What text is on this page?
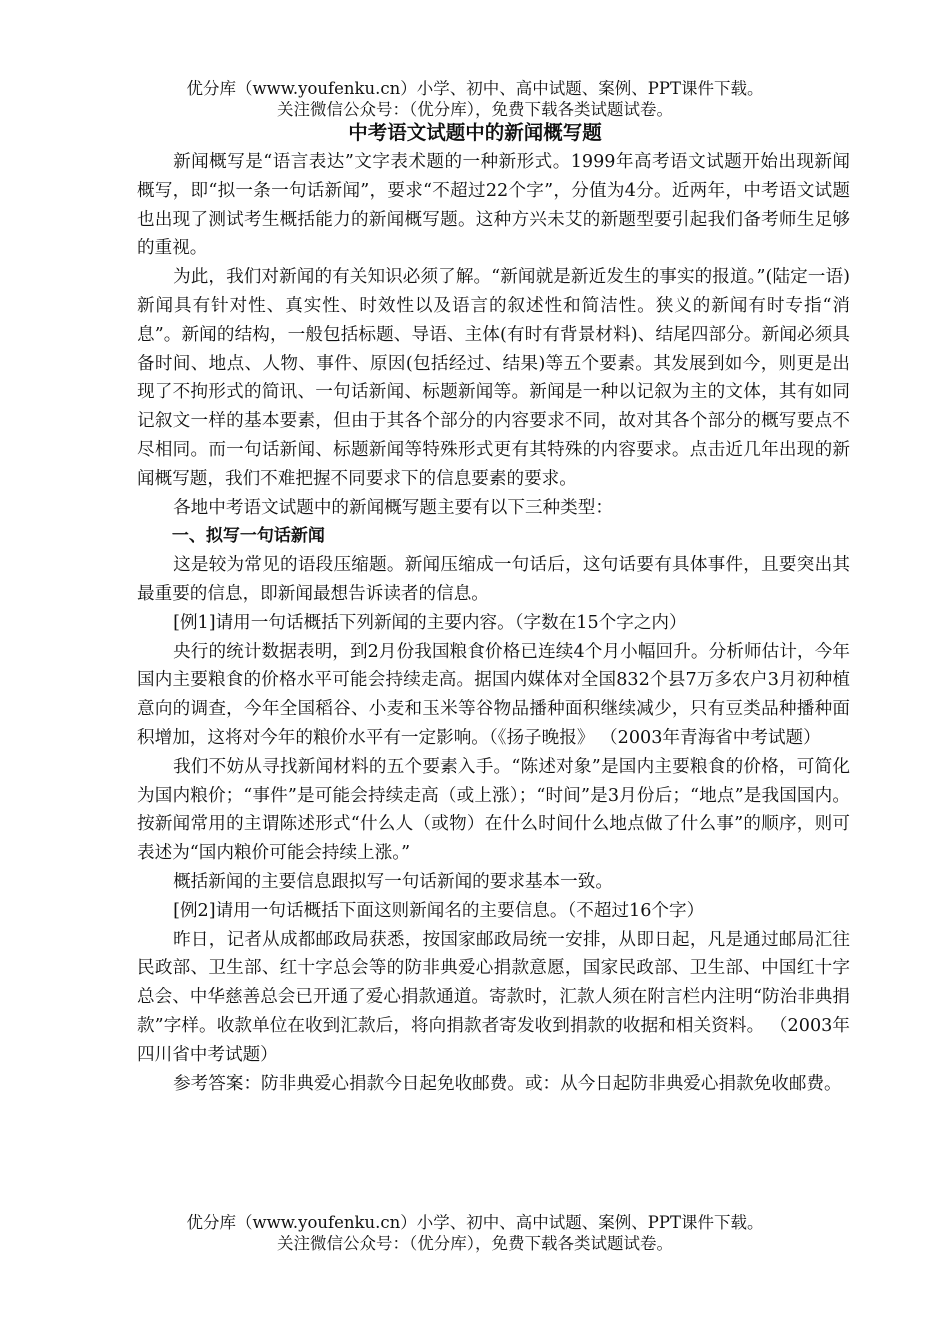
优分库（www.youfenku.cn）小学、初中、高中试题、案例、PPT课件下载。
关注微信公众号：（优分库），免费下载各类试题试卷。
中考语文试题中的新闻概写题

新闻概写是“语言表达”文字表术题的一种新形式。1999年高考语文试题开始出现新闻概写，即“拟一条一句话新闻”，要求“不超过22个字”，分值为4分。近两年，中考语文试题也出现了测试考生概括能力的新闻概写题。这种方兴未艾的新题型要引起我们备考师生足够的重视。

为此，我们对新闻的有关知识必须了解。“新闻就是新近发生的事实的报道。”(陆定一语) 新闻具有针对性、真实性、时效性以及语言的叙述性和简洁性。狭义的新闻有时专指“消息”。新闻的结构，一般包括标题、导语、主体(有时有背景材料)、结尾四部分。新闻必须具备时间、地点、人物、事件、原因(包括经过、结果)等五个要素。其发展到如今，则更是出现了不拘形式的简讯、一句话新闻、标题新闻等。新闻是一种以记叙为主的文体，其有如同记叙文一样的基本要素，但由于其各个部分的内容要求不同，故对其各个部分的概写要点不尽相同。而一句话新闻、标题新闻等特殊形式更有其特殊的内容要求。点击近几年出现的新闻概写题，我们不难把握不同要求下的信息要素的要求。

各地中考语文试题中的新闻概写题主要有以下三种类型：

一、拟写一句话新闻

这是较为常见的语段压缩题。新闻压缩成一句话后，这句话要有具体事件，且要突出其最重要的信息，即新闻最想告诉读者的信息。

[例1]请用一句话概括下列新闻的主要内容。（字数在15个字之内）

央行的统计数据表明，到2月份我国粮食价格已连续4个月小幅回升。分析师估计，今年国内主要粮食的价格水平可能会持续走高。据国内媒体对全国832个县7万多农户3月初种植意向的调查，今年全国稻谷、小麦和玉米等谷物品播种面积继续减少，只有豆类品种播种面积增加，这将对今年的粮价水平有一定影响。（《扬子晚报》 （2003年青海省中考试题）

我们不妨从寻找新闻材料的五个要素入手。“陈述对象”是国内主要粮食的价格，可简化为国内粮价；“事件”是可能会持续走高（或上涨）；“时间”是3月份后；“地点”是我国国内。按新闻常用的主谓陈述形式“什么人（或物）在什么时间什么地点做了什么事”的顺序，则可表述为“国内粮价可能会持续上涨。”

概括新闻的主要信息跟拟写一句话新闻的要求基本一致。

[例2]请用一句话概括下面这则新闻名的主要信息。（不超过16个字）

昨日，记者从成都邮政局获悉，按国家邮政局统一安排，从即日起，凡是通过邮局汇往民政部、卫生部、红十字总会等的防非典爱心捐款意愿，国家民政部、卫生部、中国红十字总会、中华慈善总会已开通了爱心捐款通道。寄款时，汇款人须在附言栏内注明“防治非典捐款”字样。收款单位在收到汇款后，将向捐款者寄发收到捐款的收据和相关资料。 （2003年四川省中考试题）

参考答案：防非典爱心捐款今日起免收邮费。或：从今日起防非典爱心捐款免收邮费。

优分库（www.youfenku.cn）小学、初中、高中试题、案例、PPT课件下载。
关注微信公众号：（优分库），免费下载各类试题试卷。
